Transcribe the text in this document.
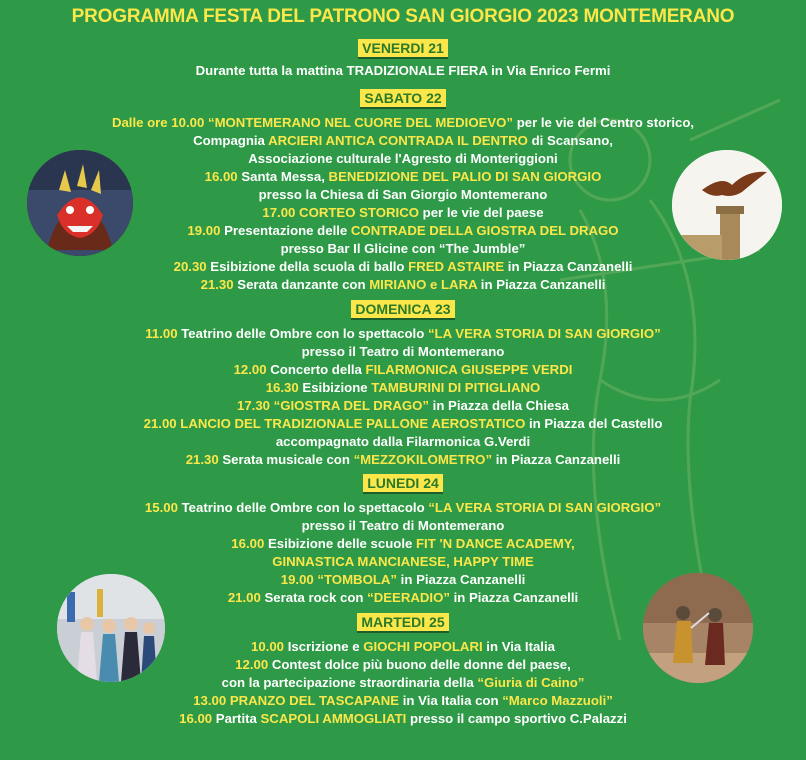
PROGRAMMA FESTA DEL PATRONO SAN GIORGIO 2023 MONTEMERANO
VENERDI 21
Durante tutta la mattina TRADIZIONALE FIERA in Via Enrico Fermi
SABATO 22
Dalle ore 10.00 “MONTEMERANO NEL CUORE DEL MEDIOEVO” per le vie del Centro storico,
Compagnia ARCIERI ANTICA CONTRADA IL DENTRO di Scansano,
Associazione culturale l'Agresto di Monteriggioni
16.00 Santa Messa, BENEDIZIONE DEL PALIO DI SAN GIORGIO
presso la Chiesa di San Giorgio Montemerano
17.00 CORTEO STORICO per le vie del paese
19.00 Presentazione delle CONTRADE DELLA GIOSTRA DEL DRAGO
presso Bar Il Glicine con “The Jumble”
20.30 Esibizione della scuola di ballo FRED ASTAIRE in Piazza Canzanelli
21.30 Serata danzante con MIRIANO e LARA in Piazza Canzanelli
DOMENICA 23
11.00 Teatrino delle Ombre con lo spettacolo “LA VERA STORIA DI SAN GIORGIO”
presso il Teatro di Montemerano
12.00 Concerto della FILARMONICA GIUSEPPE VERDI
16.30 Esibizione TAMBURINI DI PITIGLIANO
17.30 “GIOSTRA DEL DRAGO” in Piazza della Chiesa
21.00 LANCIO DEL TRADIZIONALE PALLONE AEROSTATICO in Piazza del Castello
accompagnato dalla Filarmonica G.Verdi
21.30 Serata musicale con “MEZZOKILOMETRO” in Piazza Canzanelli
LUNEDI 24
15.00 Teatrino delle Ombre con lo spettacolo “LA VERA STORIA DI SAN GIORGIO”
presso il Teatro di Montemerano
16.00 Esibizione delle scuole FIT 'N DANCE ACADEMY,
GINNASTICA MANCIANESE, HAPPY TIME
19.00 “TOMBOLA” in Piazza Canzanelli
21.00 Serata rock con “DEERADIO” in Piazza Canzanelli
MARTEDI 25
10.00 Iscrizione e GIOCHI POPOLARI in Via Italia
12.00 Contest dolce più buono delle donne del paese,
con la partecipazione straordinaria della “Giuria di Caino”
13.00 PRANZO DEL TASCAPANE in Via Italia con “Marco Mazzuoli”
16.00 Partita SCAPOLI AMMOGLIATI presso il campo sportivo C.Palazzi
